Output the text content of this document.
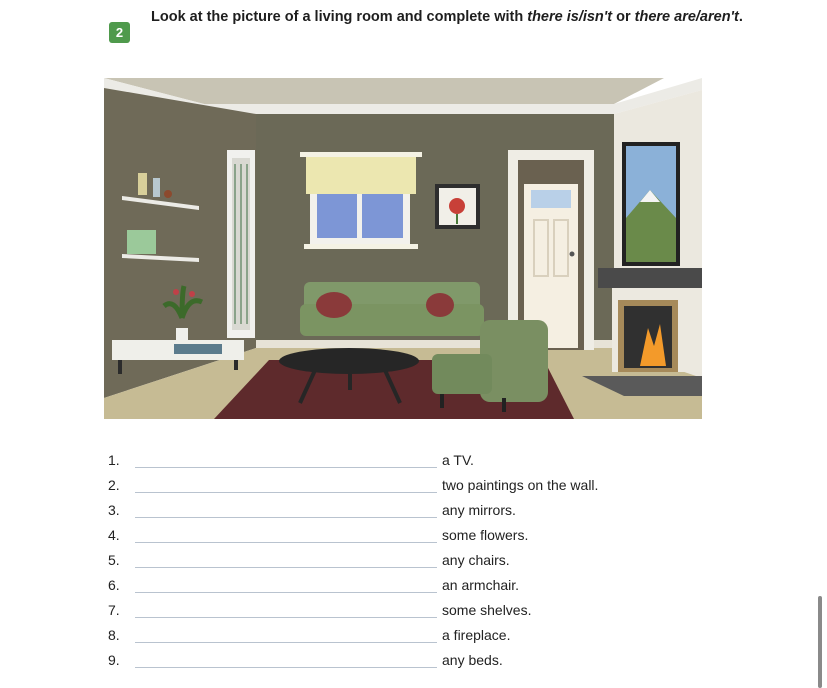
2
Look at the picture of a living room and complete with there is/isn't or there are/aren't.
1.	a TV.
2.	two paintings on the wall.
3.	any mirrors.
4.	some flowers.
5.	any chairs.
6.	an armchair.
7.	some shelves.
8.	a fireplace.
9.	any beds.
